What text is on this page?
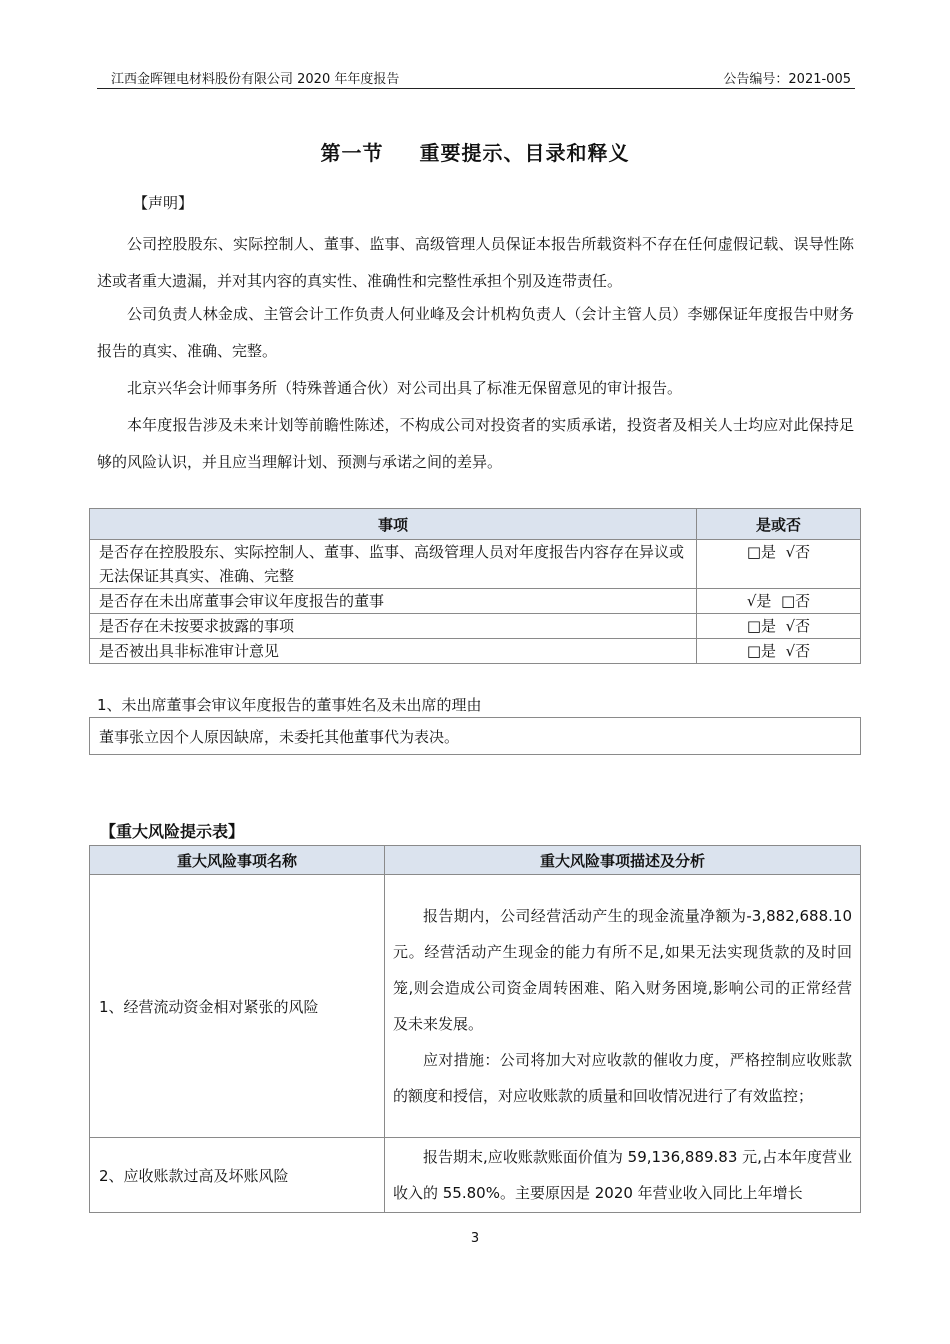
江西金晖锂电材料股份有限公司 2020 年年度报告	公告编号：2021-005
第一节 重要提示、目录和释义
【声明】

公司控股股东、实际控制人、董事、监事、高级管理人员保证本报告所载资料不存在任何虚假记载、误导性陈述或者重大遗漏，并对其内容的真实性、准确性和完整性承担个别及连带责任。

公司负责人林金成、主管会计工作负责人何业峰及会计机构负责人（会计主管人员）李娜保证年度报告中财务报告的真实、准确、完整。

北京兴华会计师事务所（特殊普通合伙）对公司出具了标准无保留意见的审计报告。

本年度报告涉及未来计划等前瞻性陈述，不构成公司对投资者的实质承诺，投资者及相关人士均应对此保持足够的风险认识，并且应当理解计划、预测与承诺之间的差异。

事项	是或否
是否存在控股股东、实际控制人、董事、监事、高级管理人员对年度报告内容存在异议或无法保证其真实、准确、完整	□是  √否
是否存在未出席董事会审议年度报告的董事	√是  □否
是否存在未按要求披露的事项	□是  √否
是否被出具非标准审计意见	□是  √否
1、未出席董事会审议年度报告的董事姓名及未出席的理由
董事张立因个人原因缺席，未委托其他董事代为表决。
【重大风险提示表】
重大风险事项名称	重大风险事项描述及分析
1、经营流动资金相对紧张的风险	报告期内，公司经营活动产生的现金流量净额为-3,882,688.10 元。经营活动产生现金的能力有所不足,如果无法实现货款的及时回笼,则会造成公司资金周转困难、陷入财务困境,影响公司的正常经营及未来发展。

应对措施：公司将加大对应收款的催收力度，严格控制应收账款的额度和授信，对应收账款的质量和回收情况进行了有效监控；

2、应收账款过高及坏账风险	报告期末,应收账款账面价值为 59,136,889.83 元,占本年度营业收入的 55.80%。主要原因是 2020 年营业收入同比上年增长

3
